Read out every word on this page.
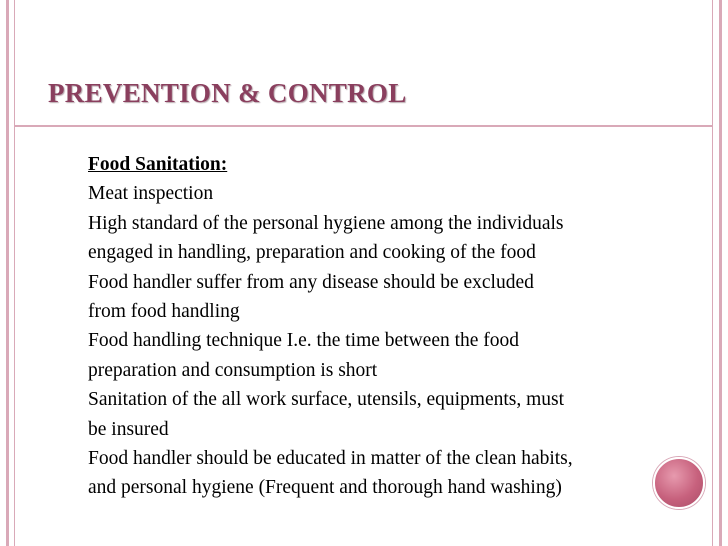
PREVENTION & CONTROL
Food Sanitation:
Meat inspection
High standard of the personal hygiene among the individuals
engaged in handling, preparation and cooking of the food
Food handler suffer from any disease should be excluded
from food handling
Food handling technique I.e. the time between the food
preparation and consumption is short
Sanitation of the all work surface, utensils, equipments, must
be insured
Food handler should be educated in matter of the clean habits,
and personal hygiene (Frequent and thorough hand washing)
